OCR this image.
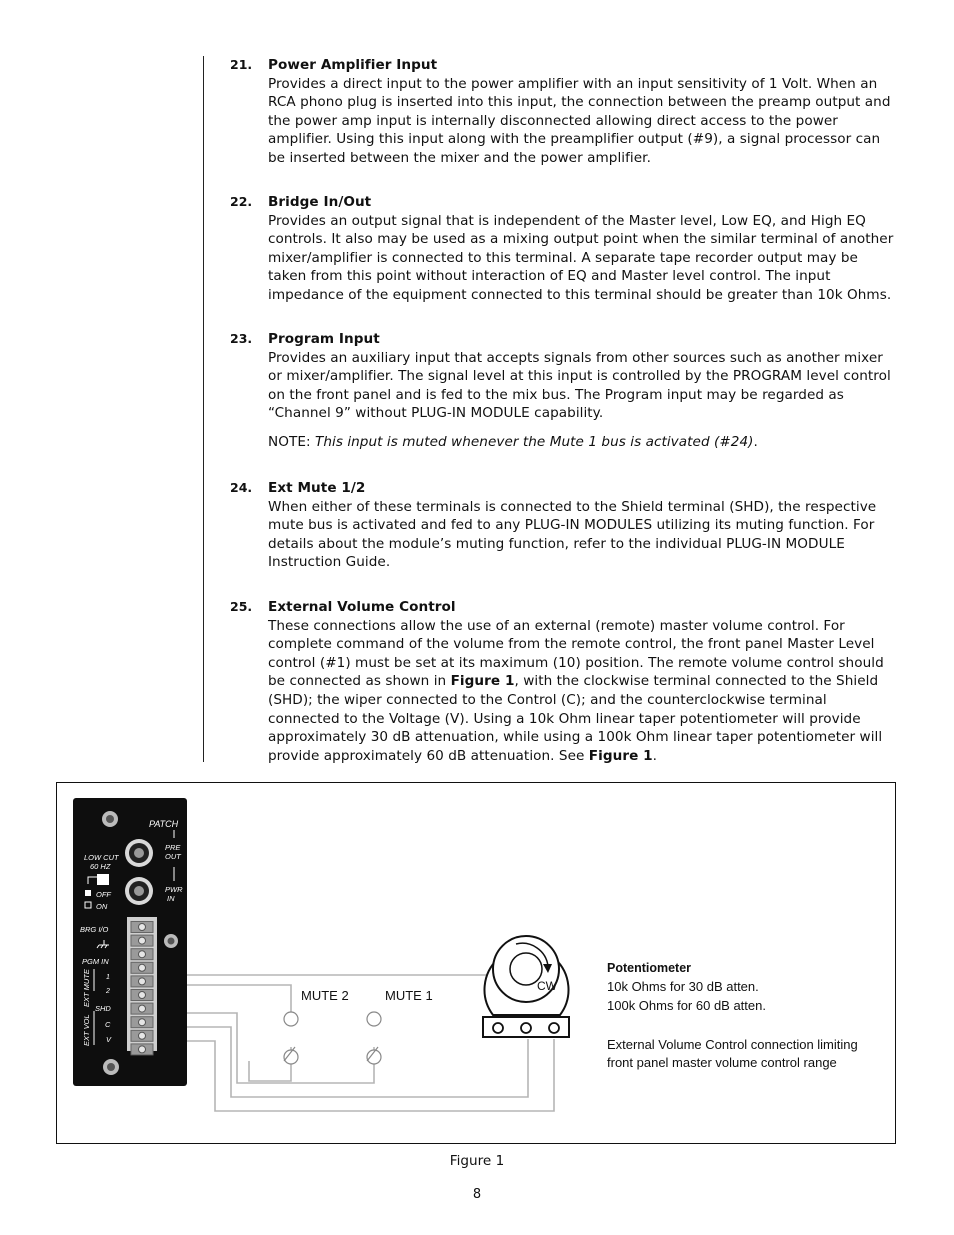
21.	Power Amplifier Input

Provides a direct input to the power amplifier with an input sensitivity of 1 Volt. When an RCA phono plug is inserted into this input, the connection between the preamp output and the power amp input is internally disconnected allowing direct access to the power amplifier. Using this input along with the preamplifier output (#9), a signal processor can be inserted between the mixer and the power amplifier.

22.	Bridge In/Out

Provides an output signal that is independent of the Master level, Low EQ, and High EQ controls. It also may be used as a mixing output point when the similar terminal of another mixer/amplifier is connected to this terminal. A separate tape recorder output may be taken from this point without interaction of EQ and Master level control. The input impedance of the equipment connected to this terminal should be greater than 10k Ohms.

23.	Program Input

Provides an auxiliary input that accepts signals from other sources such as another mixer or mixer/amplifier. The signal level at this input is controlled by the PROGRAM level control on the front panel and is fed to the mix bus. The Program input may be regarded as “Channel 9” without PLUG-IN MODULE capability.

NOTE: This input is muted whenever the Mute 1 bus is activated (#24).
24.	Ext Mute 1/2

When either of these terminals is connected to the Shield terminal (SHD), the respective mute bus is activated and fed to any PLUG-IN MODULES utilizing its muting function. For details about the module’s muting function, refer to the individual PLUG-IN MODULE Instruction Guide.

25.	External Volume Control

These connections allow the use of an external (remote) master volume control. For complete command of the volume from the remote control, the front panel Master Level control (#1) must be set at its maximum (10) position. The remote volume control should be connected as shown in Figure 1, with the clockwise terminal connected to the Shield (SHD); the wiper connected to the Control (C); and the counterclockwise terminal connected to the Voltage (V). Using a 10k Ohm linear taper potentiometer will provide approximately 30 dB attenuation, while using a 100k Ohm linear taper potentiometer will provide approximately 60 dB attenuation. See Figure 1.

PATCH
PRE
OUT
LOW CUT
60 HZ
OFF
ON
PWR
IN
BRG I/O
PGM IN
1
2
SHD
C
V
EXT MUTE
EXT VOL
MUTE 2	MUTE 1
CW
Potentiometer
10k Ohms for 30 dB atten.
100k Ohms for 60 dB atten.
External Volume Control connection limiting
front panel master volume control range
Figure 1
8
